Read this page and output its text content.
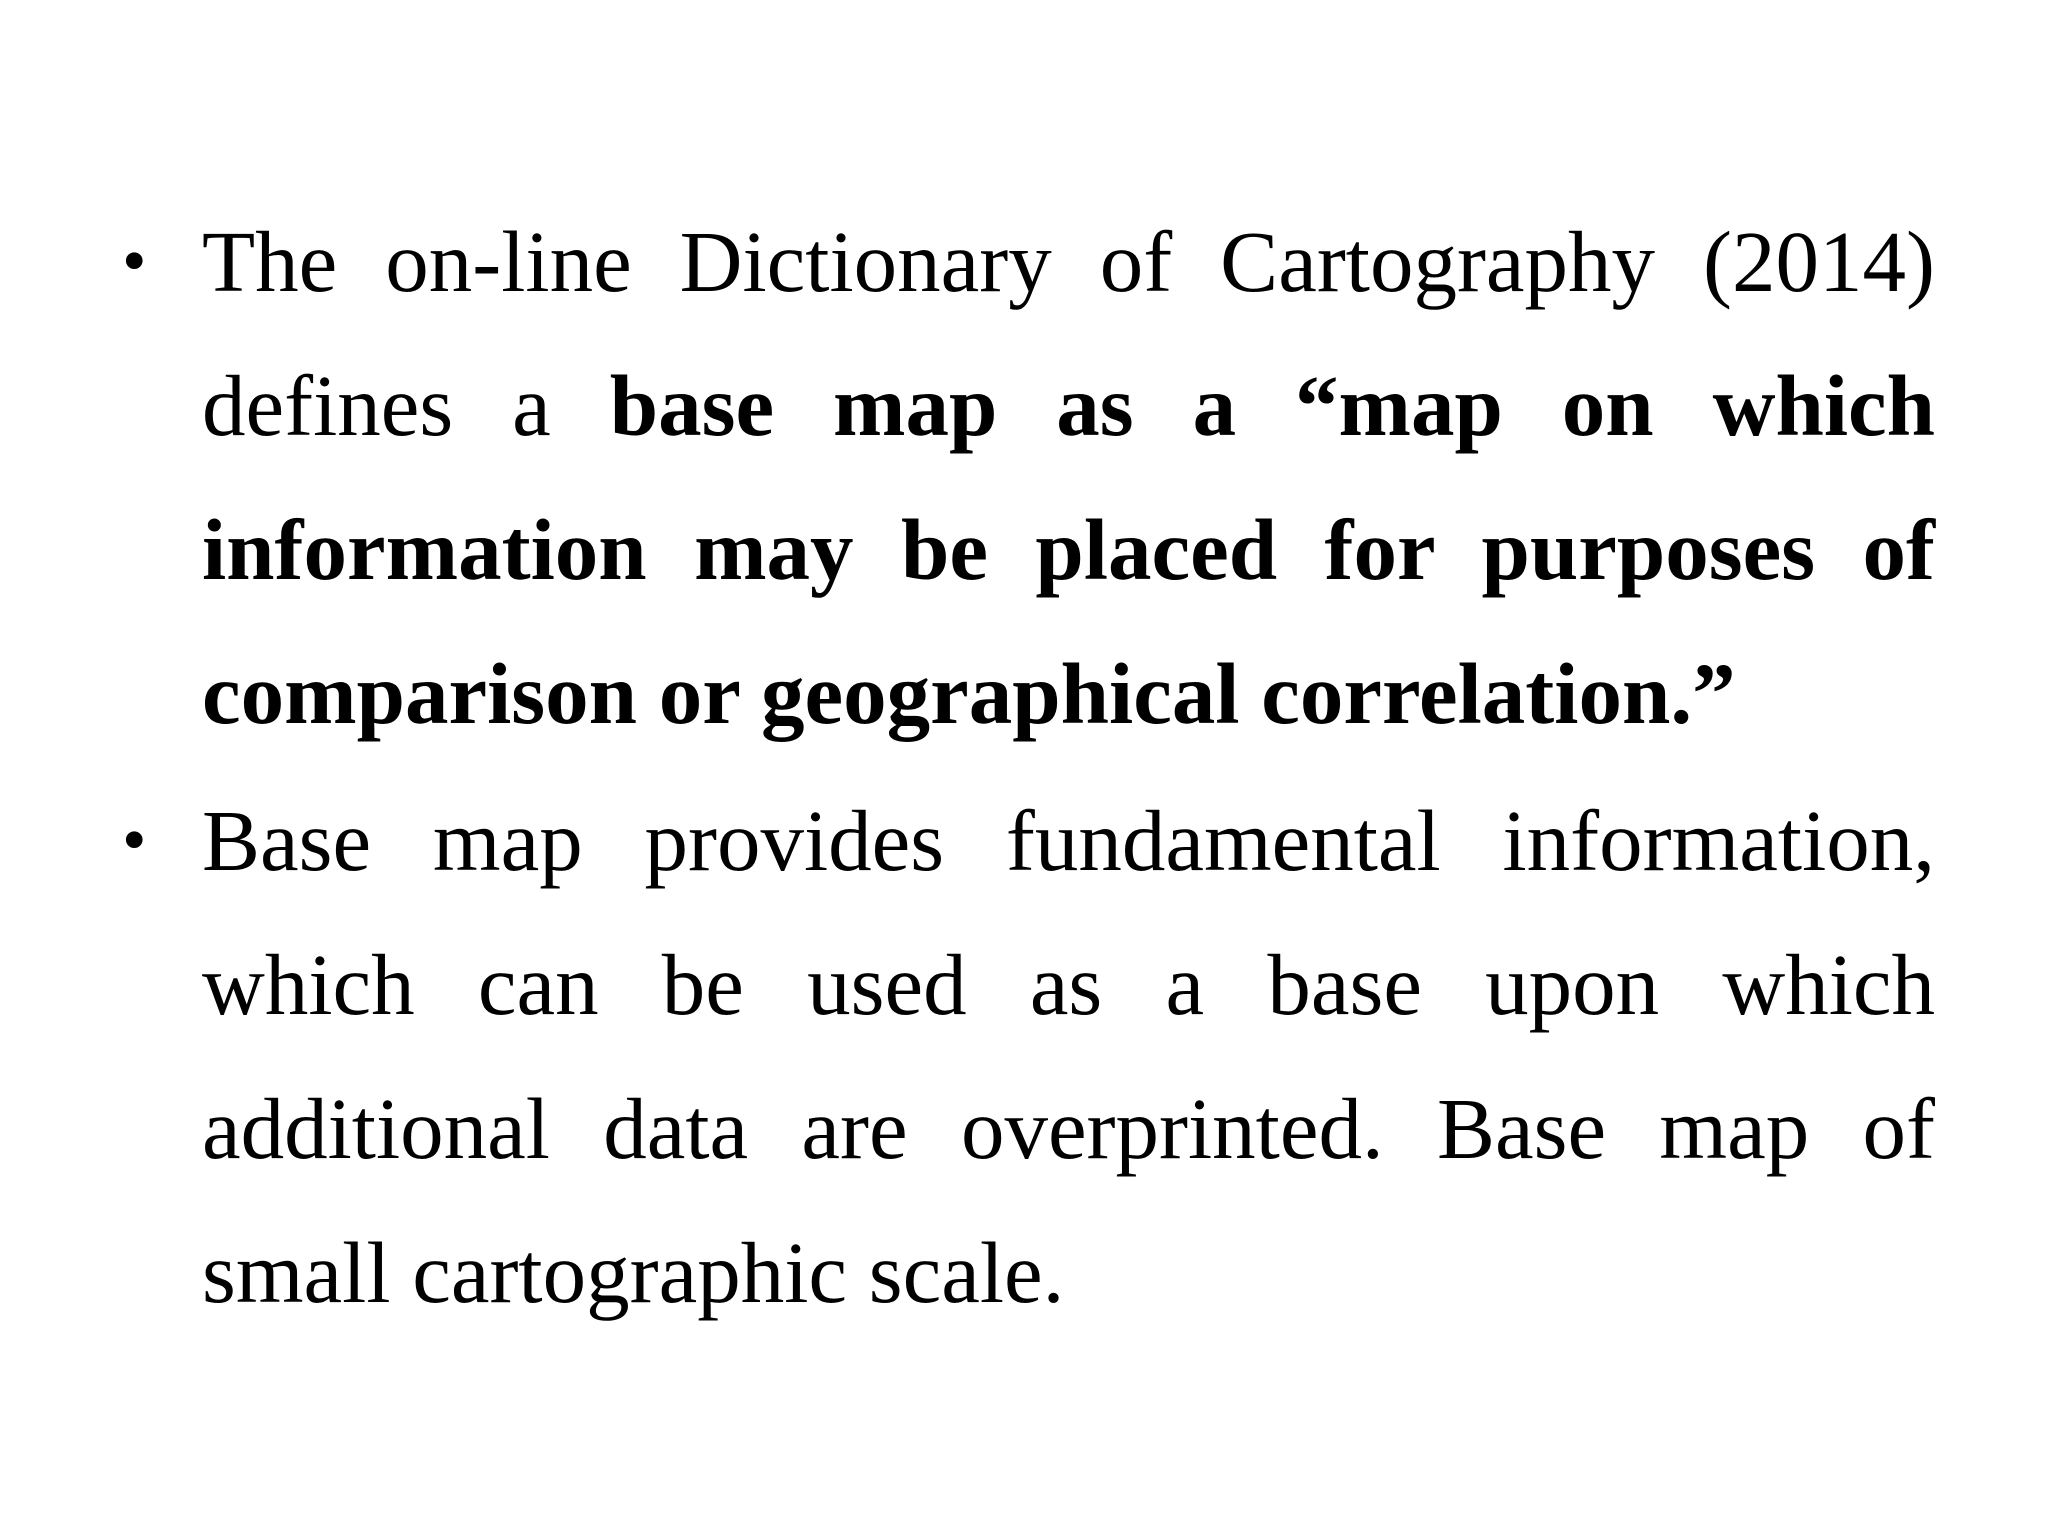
• The on-line Dictionary of Cartography (2014) defines a base map as a “map on which information may be placed for purposes of comparison or geographical correlation.”
• Base map provides fundamental information, which can be used as a base upon which additional data are overprinted. Base map of small cartographic scale.
